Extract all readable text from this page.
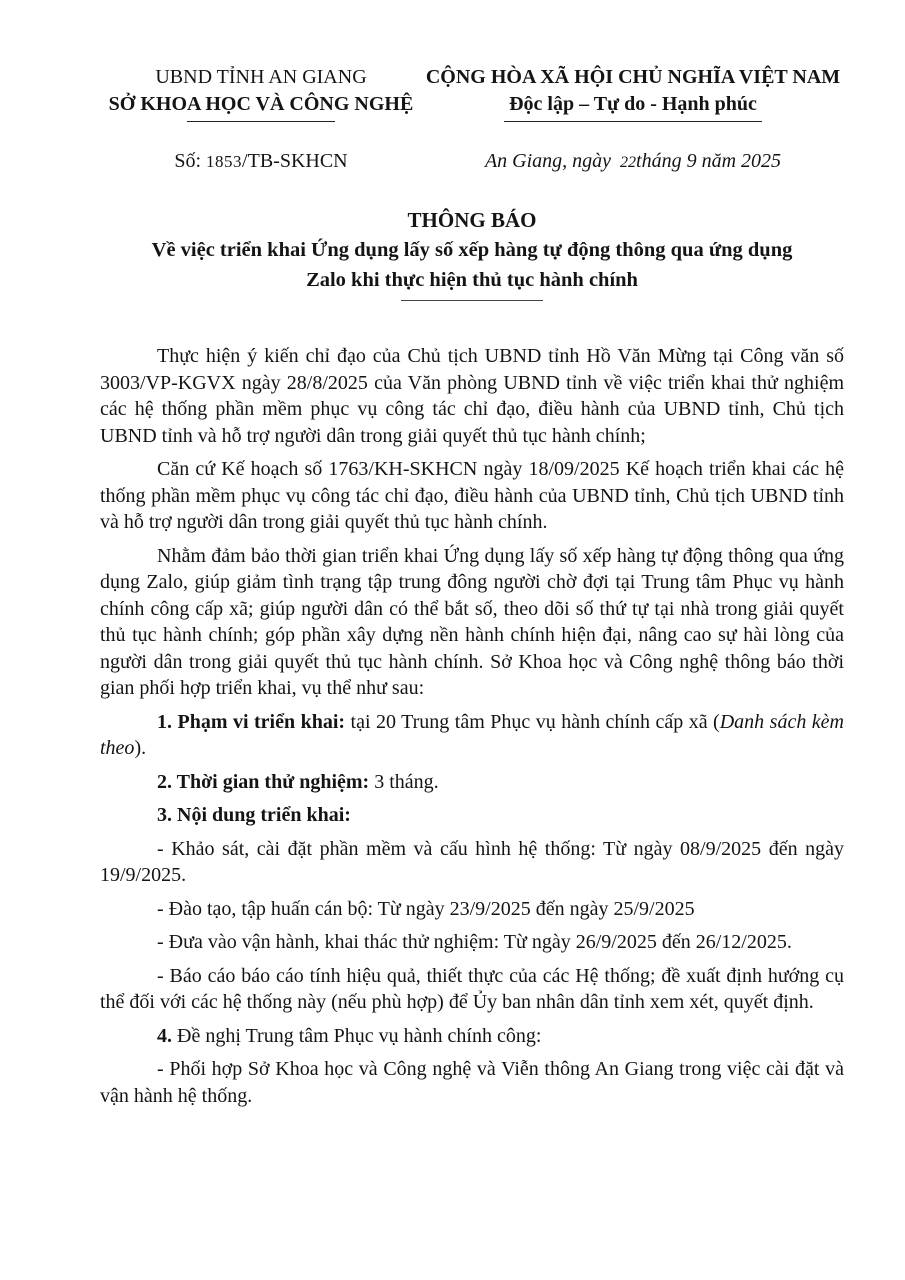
UBND TỈNH AN GIANG
SỞ KHOA HỌC VÀ CÔNG NGHỆ
CỘNG HÒA XÃ HỘI CHỦ NGHĨA VIỆT NAM
Độc lập – Tự do - Hạnh phúc
Số: 1853/TB-SKHCN	An Giang, ngày 22tháng 9 năm 2025
THÔNG BÁO
Về việc triển khai Ứng dụng lấy số xếp hàng tự động thông qua ứng dụng
Zalo khi thực hiện thủ tục hành chính

Thực hiện ý kiến chỉ đạo của Chủ tịch UBND tỉnh Hồ Văn Mừng tại Công văn số 3003/VP-KGVX ngày 28/8/2025 của Văn phòng UBND tỉnh về việc triển khai thử nghiệm các hệ thống phần mềm phục vụ công tác chỉ đạo, điều hành của UBND tỉnh, Chủ tịch UBND tỉnh và hỗ trợ người dân trong giải quyết thủ tục hành chính;

Căn cứ Kế hoạch số 1763/KH-SKHCN ngày 18/09/2025 Kế hoạch triển khai các hệ thống phần mềm phục vụ công tác chỉ đạo, điều hành của UBND tỉnh, Chủ tịch UBND tỉnh và hỗ trợ người dân trong giải quyết thủ tục hành chính.

Nhằm đảm bảo thời gian triển khai Ứng dụng lấy số xếp hàng tự động thông qua ứng dụng Zalo, giúp giảm tình trạng tập trung đông người chờ đợi tại Trung tâm Phục vụ hành chính công cấp xã; giúp người dân có thể bắt số, theo dõi số thứ tự tại nhà trong giải quyết thủ tục hành chính; góp phần xây dựng nền hành chính hiện đại, nâng cao sự hài lòng của người dân trong giải quyết thủ tục hành chính. Sở Khoa học và Công nghệ thông báo thời gian phối hợp triển khai, vụ thể như sau:

1. Phạm vi triển khai: tại 20 Trung tâm Phục vụ hành chính cấp xã (Danh sách kèm theo).

2. Thời gian thử nghiệm: 3 tháng.

3. Nội dung triển khai:

- Khảo sát, cài đặt phần mềm và cấu hình hệ thống: Từ ngày 08/9/2025 đến ngày 19/9/2025.

- Đào tạo, tập huấn cán bộ: Từ ngày 23/9/2025 đến ngày 25/9/2025

- Đưa vào vận hành, khai thác thử nghiệm: Từ ngày 26/9/2025 đến 26/12/2025.

- Báo cáo báo cáo tính hiệu quả, thiết thực của các Hệ thống; đề xuất định hướng cụ thể đối với các hệ thống này (nếu phù hợp) để Ủy ban nhân dân tỉnh xem xét, quyết định.

4. Đề nghị Trung tâm Phục vụ hành chính công:

- Phối hợp Sở Khoa học và Công nghệ và Viễn thông An Giang trong việc cài đặt và vận hành hệ thống.
